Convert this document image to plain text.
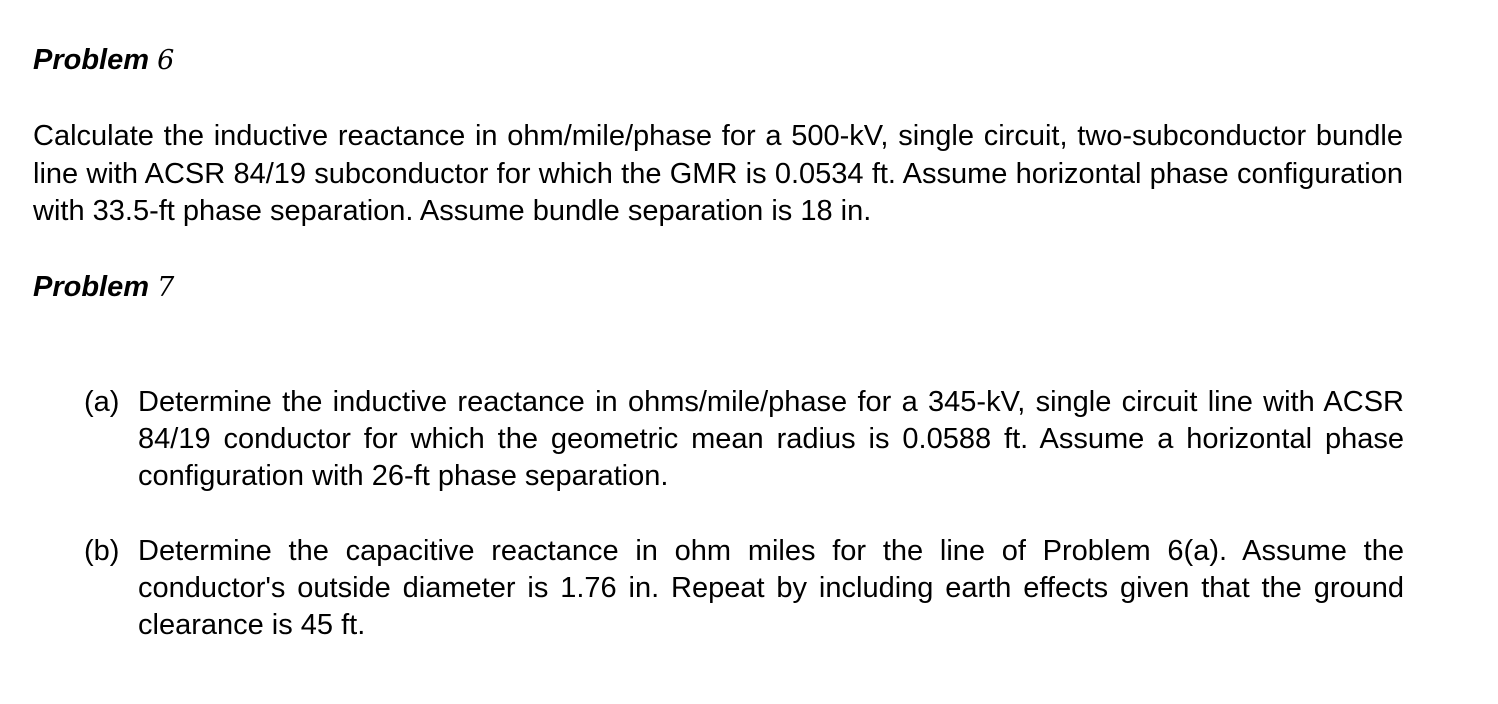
Problem 6

Calculate the inductive reactance in ohm/mile/phase for a 500-kV, single circuit, two-subconductor bundle line with ACSR 84/19 subconductor for which the GMR is 0.0534 ft. Assume horizontal phase configuration with 33.5-ft phase separation. Assume bundle separation is 18 in.

Problem 7
(a) Determine the inductive reactance in ohms/mile/phase for a 345-kV, single circuit line with ACSR 84/19 conductor for which the geometric mean radius is 0.0588 ft. Assume a horizontal phase configuration with 26-ft phase separation.

(b) Determine the capacitive reactance in ohm miles for the line of Problem 6(a). Assume the conductor's outside diameter is 1.76 in. Repeat by including earth effects given that the ground clearance is 45 ft.
